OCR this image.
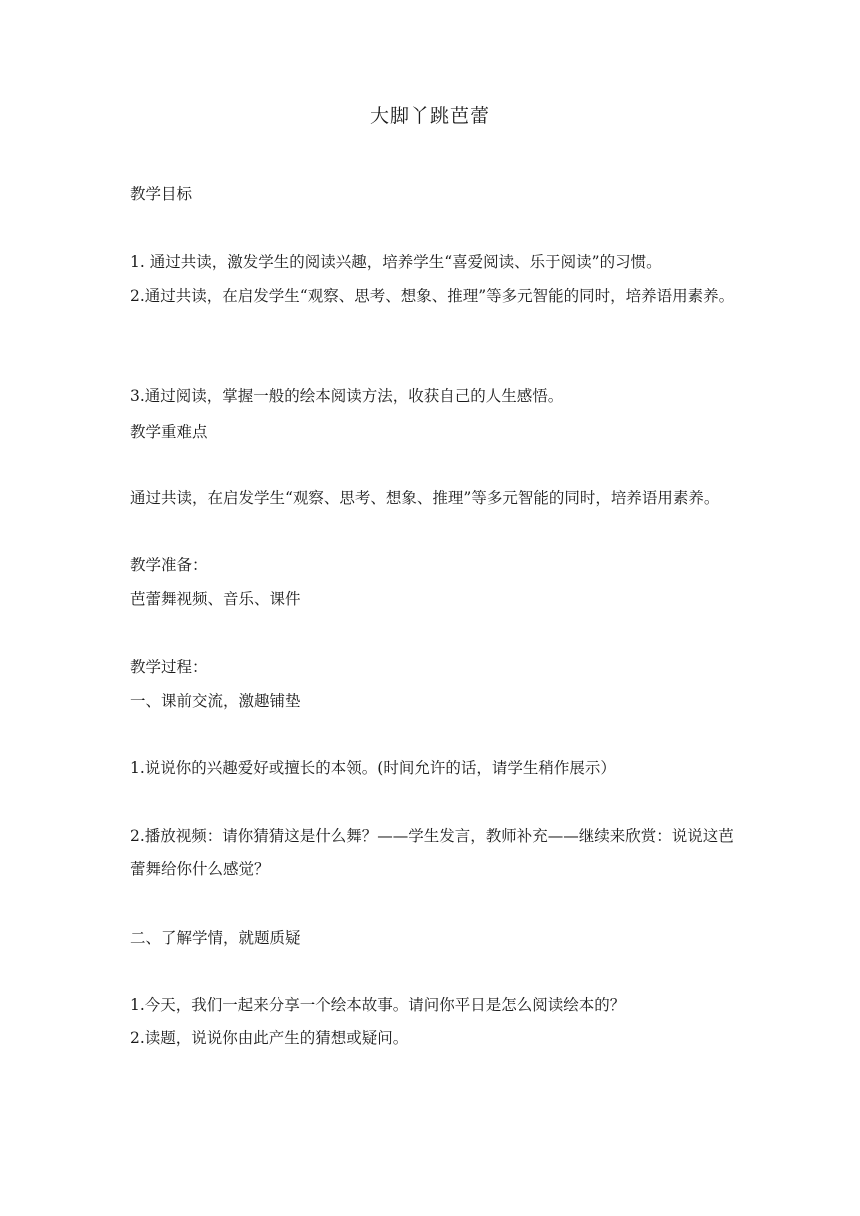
大脚丫跳芭蕾
教学目标
1. 通过共读，激发学生的阅读兴趣，培养学生“喜爱阅读、乐于阅读”的习惯。
2.通过共读，在启发学生“观察、思考、想象、推理”等多元智能的同时，培养语用素养。
3.通过阅读，掌握一般的绘本阅读方法，收获自己的人生感悟。
教学重难点
通过共读，在启发学生“观察、思考、想象、推理”等多元智能的同时，培养语用素养。
教学准备：
芭蕾舞视频、音乐、课件
教学过程：
一、课前交流，激趣铺垫
1.说说你的兴趣爱好或擅长的本领。(时间允许的话，请学生稍作展示）
2.播放视频：请你猜猜这是什么舞？——学生发言，教师补充——继续来欣赏：说说这芭蕾舞给你什么感觉？
二、了解学情，就题质疑
1.今天，我们一起来分享一个绘本故事。请问你平日是怎么阅读绘本的？
2.读题，说说你由此产生的猜想或疑问。
